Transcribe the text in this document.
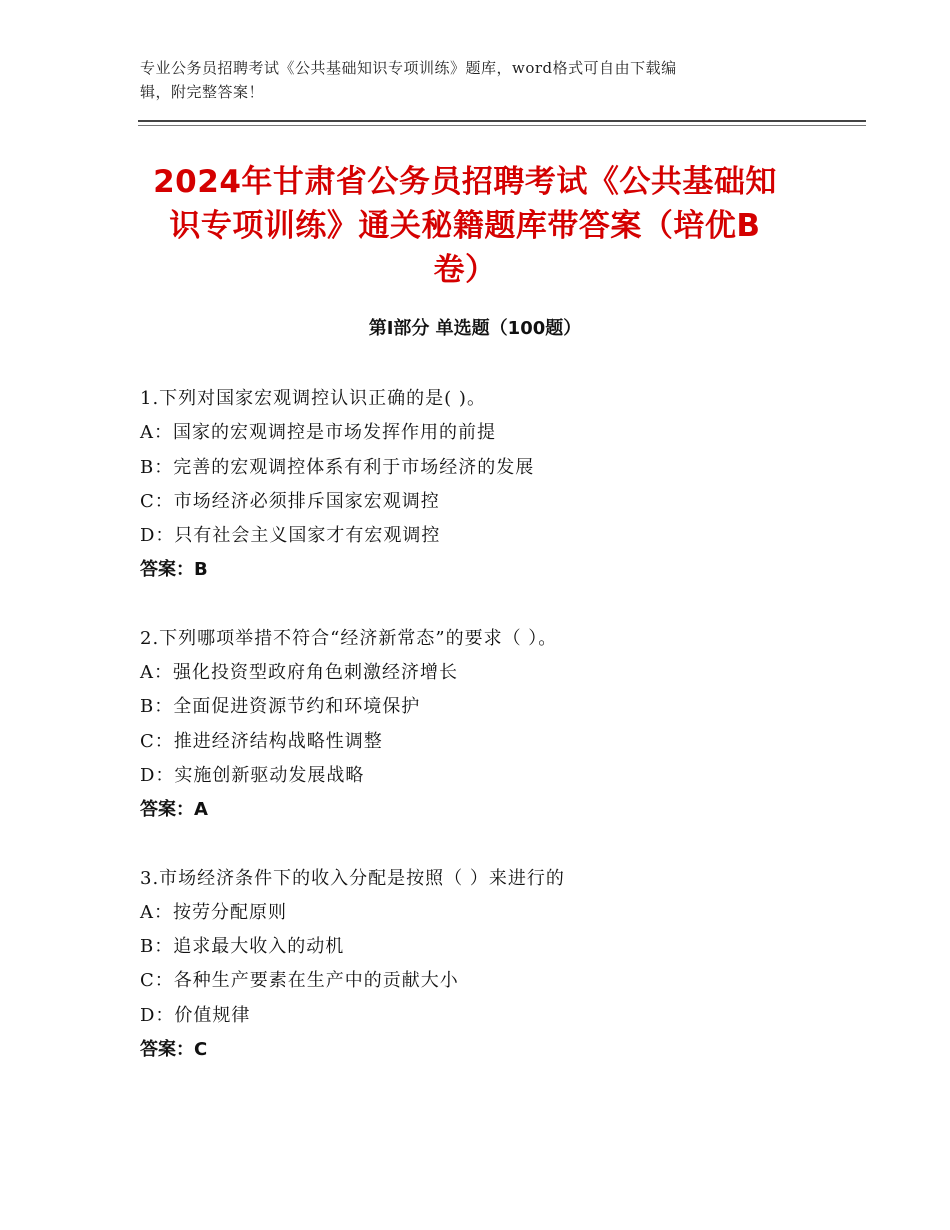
专业公务员招聘考试《公共基础知识专项训练》题库，word格式可自由下载编
辑，附完整答案！
2024年甘肃省公务员招聘考试《公共基础知
识专项训练》通关秘籍题库带答案（培优B
卷）
第Ⅰ部分 单选题（100题）
1.下列对国家宏观调控认识正确的是( )。
A：国家的宏观调控是市场发挥作用的前提
B：完善的宏观调控体系有利于市场经济的发展
C：市场经济必须排斥国家宏观调控
D：只有社会主义国家才有宏观调控
答案：B
2.下列哪项举措不符合“经济新常态”的要求（ ）。
A：强化投资型政府角色刺激经济增长
B：全面促进资源节约和环境保护
C：推进经济结构战略性调整
D：实施创新驱动发展战略
答案：A
3.市场经济条件下的收入分配是按照（ ）来进行的
A：按劳分配原则
B：追求最大收入的动机
C：各种生产要素在生产中的贡献大小
D：价值规律
答案：C
